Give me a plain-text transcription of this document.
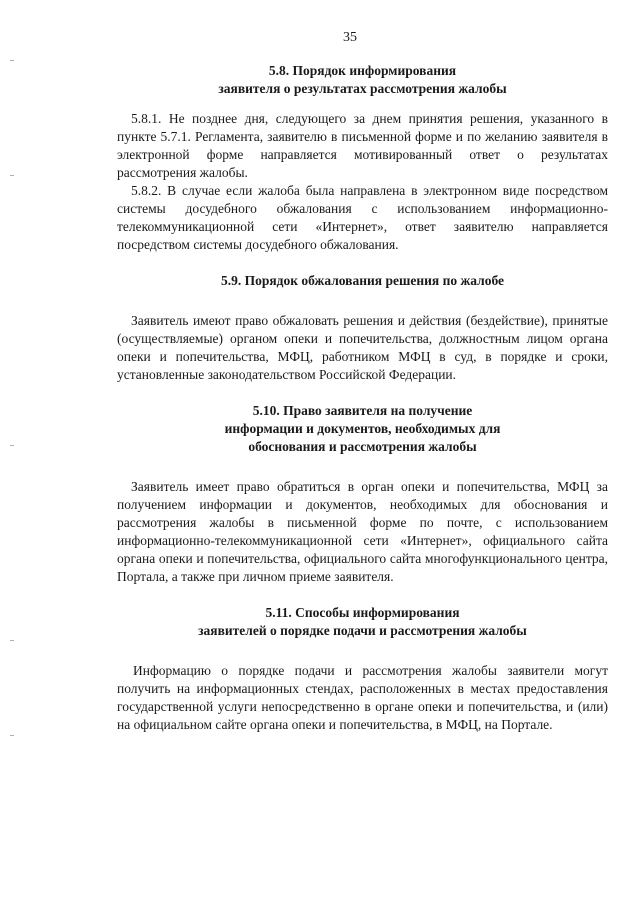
35
5.8. Порядок информирования
заявителя о результатах рассмотрения жалобы

5.8.1. Не позднее дня, следующего за днем принятия решения, указанного в пункте 5.7.1. Регламента, заявителю в письменной форме и по желанию заявителя в электронной форме направляется мотивированный ответ о результатах рассмотрения жалобы.

5.8.2. В случае если жалоба была направлена в электронном виде посредством системы досудебного обжалования с использованием информационно-телекоммуникационной сети «Интернет», ответ заявителю направляется посредством системы досудебного обжалования.

5.9. Порядок обжалования решения по жалобе

Заявитель имеют право обжаловать решения и действия (бездействие), принятые (осуществляемые) органом опеки и попечительства, должностным лицом органа опеки и попечительства, МФЦ, работником МФЦ в суд, в порядке и сроки, установленные законодательством Российской Федерации.

5.10. Право заявителя на получение
информации и документов, необходимых для
обоснования и рассмотрения жалобы

Заявитель имеет право обратиться в орган опеки и попечительства, МФЦ за получением информации и документов, необходимых для обоснования и рассмотрения жалобы в письменной форме по почте, с использованием информационно-телекоммуникационной сети «Интернет», официального сайта органа опеки и попечительства, официального сайта многофункционального центра, Портала, а также при личном приеме заявителя.

5.11. Способы информирования
заявителей о порядке подачи и рассмотрения жалобы

Информацию о порядке подачи и рассмотрения жалобы заявители могут получить на информационных стендах, расположенных в местах предоставления государственной услуги непосредственно в органе опеки и попечительства, и (или) на официальном сайте органа опеки и попечительства, в МФЦ, на Портале.
